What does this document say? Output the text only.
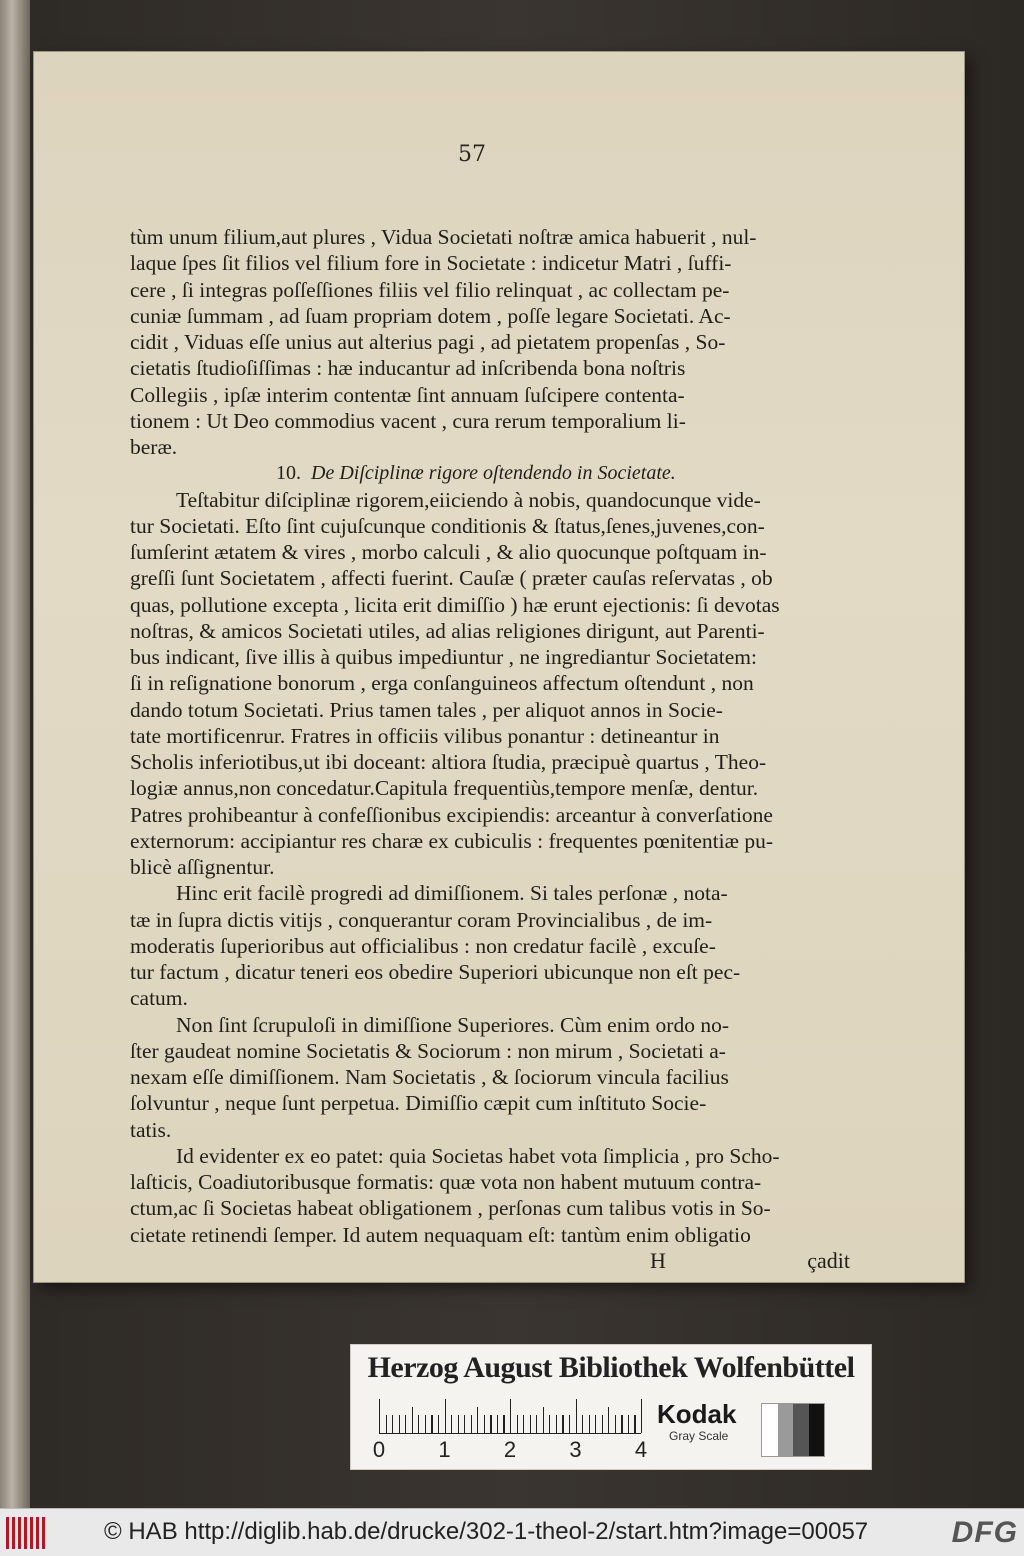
57

tùm unum filium,aut plures , Vidua Societati noſtræ amica habuerit , nul-
laque ſpes ſit filios vel filium fore in Societate : indicetur Matri , ſuffi-
cere , ſi integras poſſeſſiones filiis vel filio relinquat , ac collectam pe-
cuniæ ſummam , ad ſuam propriam dotem , poſſe legare Societati. Ac-
cidit , Viduas eſſe unius aut alterius pagi , ad pietatem propenſas , So-
cietatis ſtudioſiſſimas : hæ inducantur ad inſcribenda bona noſtris
Collegiis , ipſæ interim contentæ ſint annuam ſuſcipere contenta-
tionem : Ut Deo commodius vacent , cura rerum temporalium li-
beræ.
10. De Diſciplinæ rigore oſtendendo in Societate.
Teſtabitur diſciplinæ rigorem,eiiciendo à nobis, quandocunque vide-
tur Societati. Eſto ſint cujuſcunque conditionis & ſtatus,ſenes,juvenes,con-
ſumſerint ætatem & vires , morbo calculi , & alio quocunque poſtquam in-
greſſi ſunt Societatem , affecti fuerint. Cauſæ ( præter cauſas reſervatas , ob
quas, pollutione excepta , licita erit dimiſſio ) hæ erunt ejectionis: ſi devotas
noſtras, & amicos Societati utiles, ad alias religiones dirigunt, aut Parenti-
bus indicant, ſive illis à quibus impediuntur , ne ingrediantur Societatem:
ſi in reſignatione bonorum , erga conſanguineos affectum oſtendunt , non
dando totum Societati. Prius tamen tales , per aliquot annos in Socie-
tate mortificenrur. Fratres in officiis vilibus ponantur : detineantur in
Scholis inferiotibus,ut ibi doceant: altiora ſtudia, præcipuè quartus , Theo-
logiæ annus,non concedatur.Capitula frequentiùs,tempore menſæ, dentur.
Patres prohibeantur à confeſſionibus excipiendis: arceantur à converſatione
externorum: accipiantur res charæ ex cubiculis : frequentes pœnitentiæ pu-
blicè aſſignentur.
Hinc erit facilè progredi ad dimiſſionem. Si tales perſonæ , nota-
tæ in ſupra dictis vitijs , conquerantur coram Provincialibus , de im-
moderatis ſuperioribus aut officialibus : non credatur facilè , excuſe-
tur factum , dicatur teneri eos obedire Superiori ubicunque non eſt pec-
catum.
Non ſint ſcrupuloſi in dimiſſione Superiores. Cùm enim ordo no-
ſter gaudeat nomine Societatis & Sociorum : non mirum , Societati a-
nexam eſſe dimiſſionem. Nam Societatis , & ſociorum vincula facilius
ſolvuntur , neque ſunt perpetua. Dimiſſio cæpit cum inſtituto Socie-
tatis.
Id evidenter ex eo patet: quia Societas habet vota ſimplicia , pro Scho-
laſticis, Coadiutoribusque formatis: quæ vota non habent mutuum contra-
ctum,ac ſi Societas habeat obligationem , perſonas cum talibus votis in So-
cietate retinendi ſemper. Id autem nequaquam eſt: tantùm enim obligatio
H	çadit

Herzog August Bibliothek Wolfenbüttel

0 1 2 3 4

Kodak

Gray Scale

© HAB http://diglib.hab.de/drucke/302-1-theol-2/start.htm?image=00057	DFG
